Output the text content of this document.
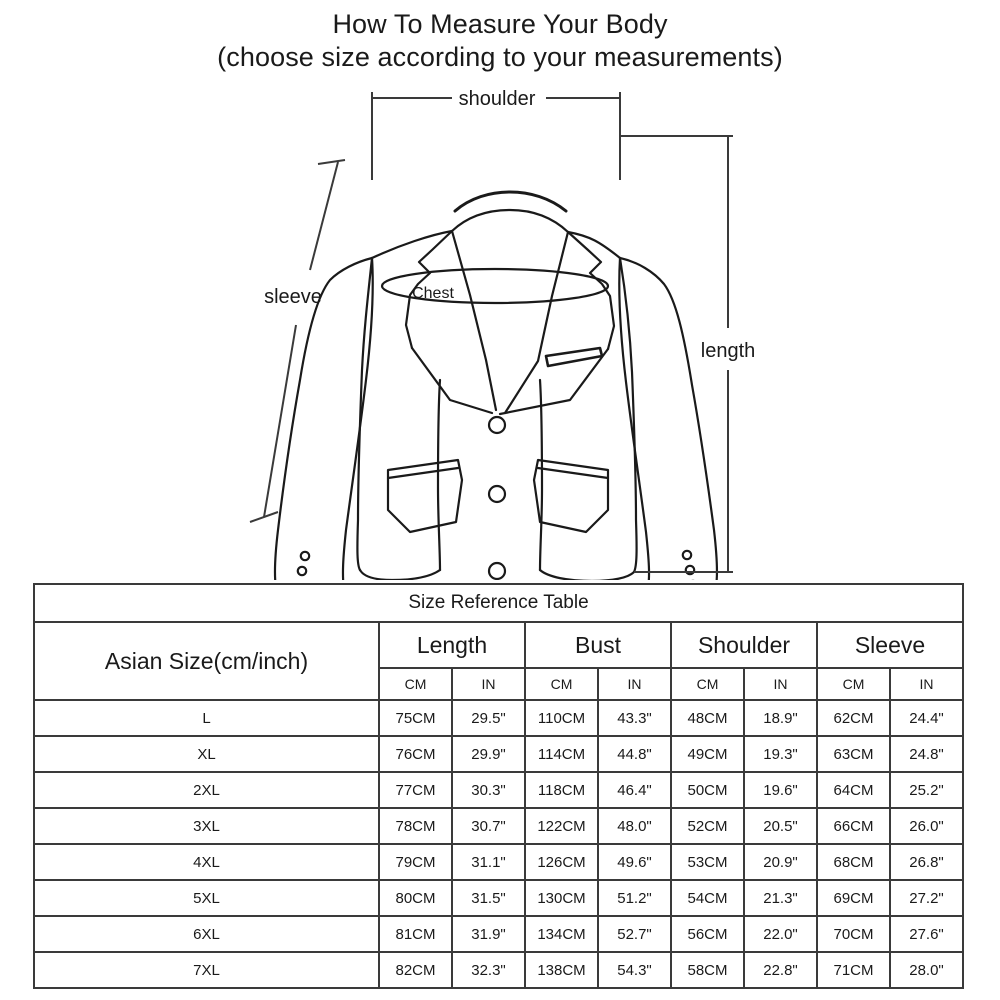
How To Measure Your Body
(choose size according to your measurements)
shoulder
length
sleeve	Chest
Size Reference Table								
Asian Size(cm/inch)	Length		Bust		Shoulder		Sleeve	
	CM	IN	CM	IN	CM	IN	CM	IN
L	75CM	29.5"	110CM	43.3"	48CM	18.9"	62CM	24.4"
XL	76CM	29.9"	114CM	44.8"	49CM	19.3"	63CM	24.8"
2XL	77CM	30.3"	118CM	46.4"	50CM	19.6"	64CM	25.2"
3XL	78CM	30.7"	122CM	48.0"	52CM	20.5"	66CM	26.0"
4XL	79CM	31.1"	126CM	49.6"	53CM	20.9"	68CM	26.8"
5XL	80CM	31.5"	130CM	51.2"	54CM	21.3"	69CM	27.2"
6XL	81CM	31.9"	134CM	52.7"	56CM	22.0"	70CM	27.6"
7XL	82CM	32.3"	138CM	54.3"	58CM	22.8"	71CM	28.0"
